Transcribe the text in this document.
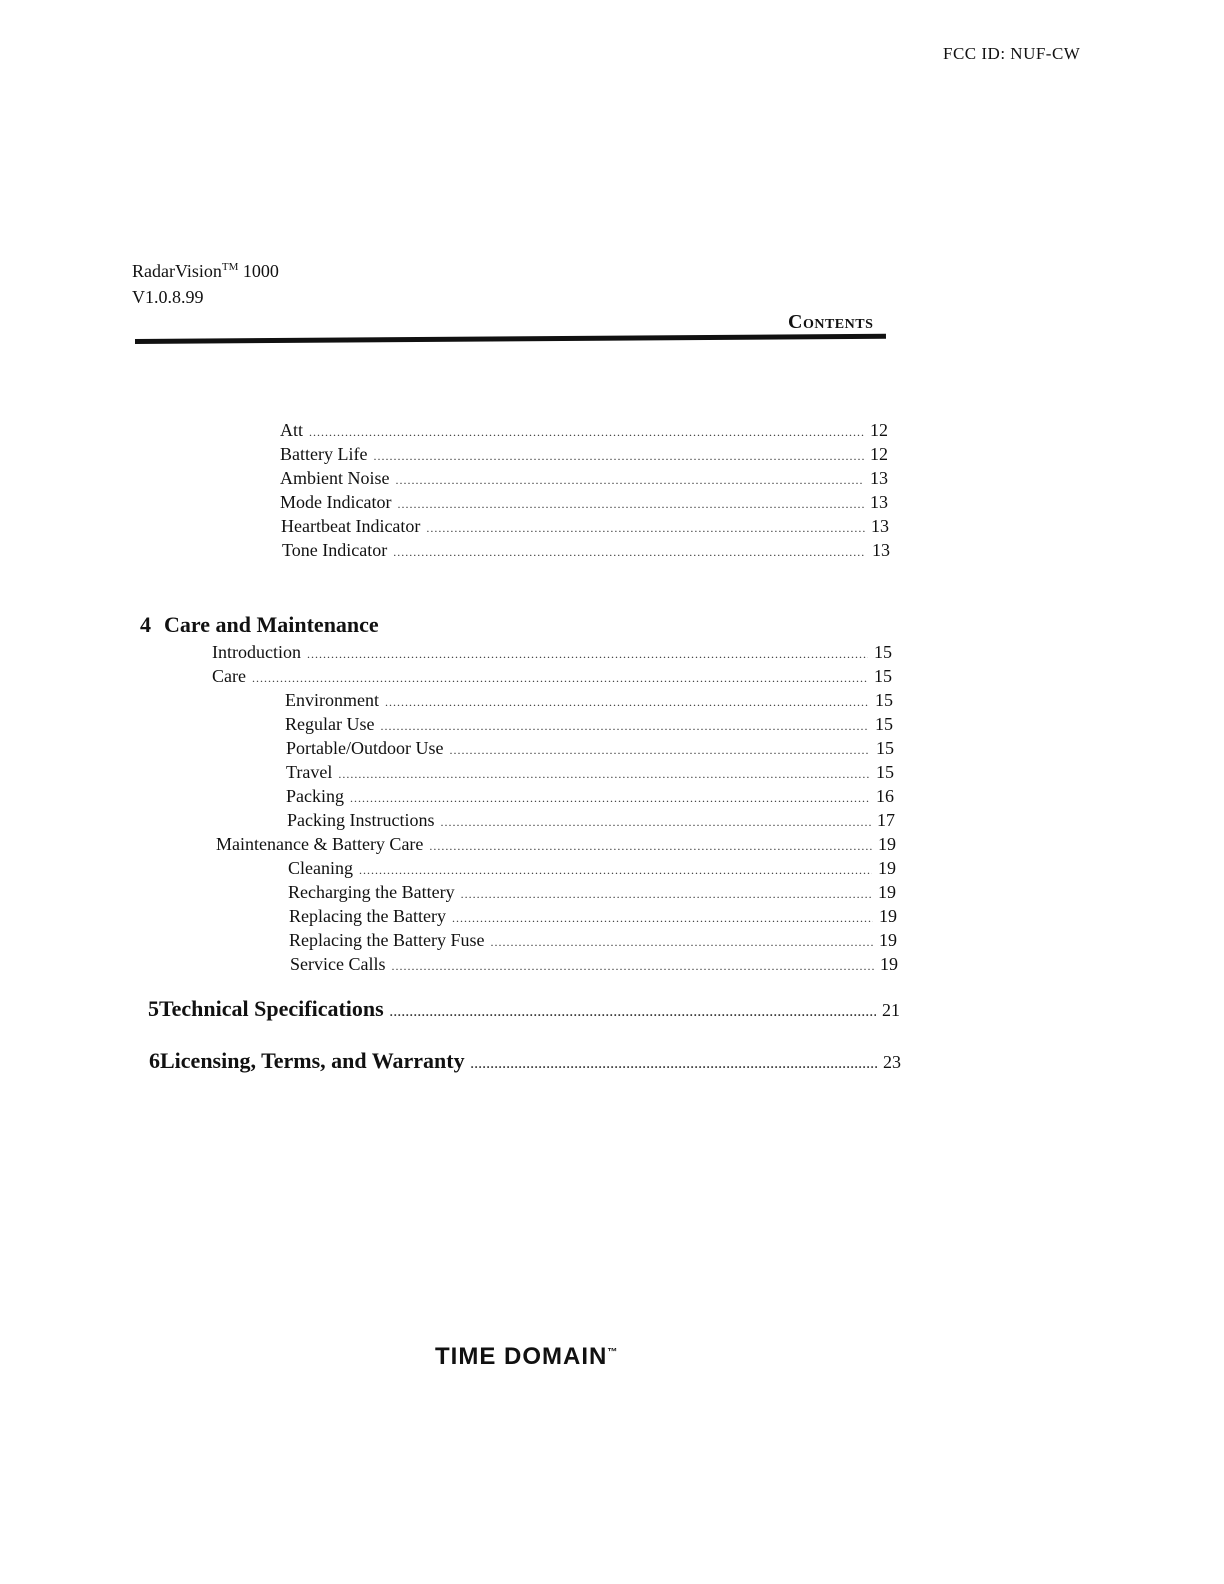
FCC ID: NUF-CW
RadarVision™ 1000
V1.0.8.99
Contents
Att .....	12
Battery Life .....	12
Ambient Noise .....	13
Mode Indicator .....	13
Heartbeat Indicator .....	13
Tone Indicator .....	13
4 Care and Maintenance
Introduction .....	15
Care .....	15
Environment .....	15
Regular Use .....	15
Portable/Outdoor Use .....	15
Travel .....	15
Packing .....	16
Packing Instructions .....	17
Maintenance & Battery Care .....	19
Cleaning .....	19
Recharging the Battery .....	19
Replacing the Battery .....	19
Replacing the Battery Fuse .....	19
Service Calls .....	19
5 Technical Specifications .....	21
6 Licensing, Terms, and Warranty .....	23
TIME DOMAIN™
